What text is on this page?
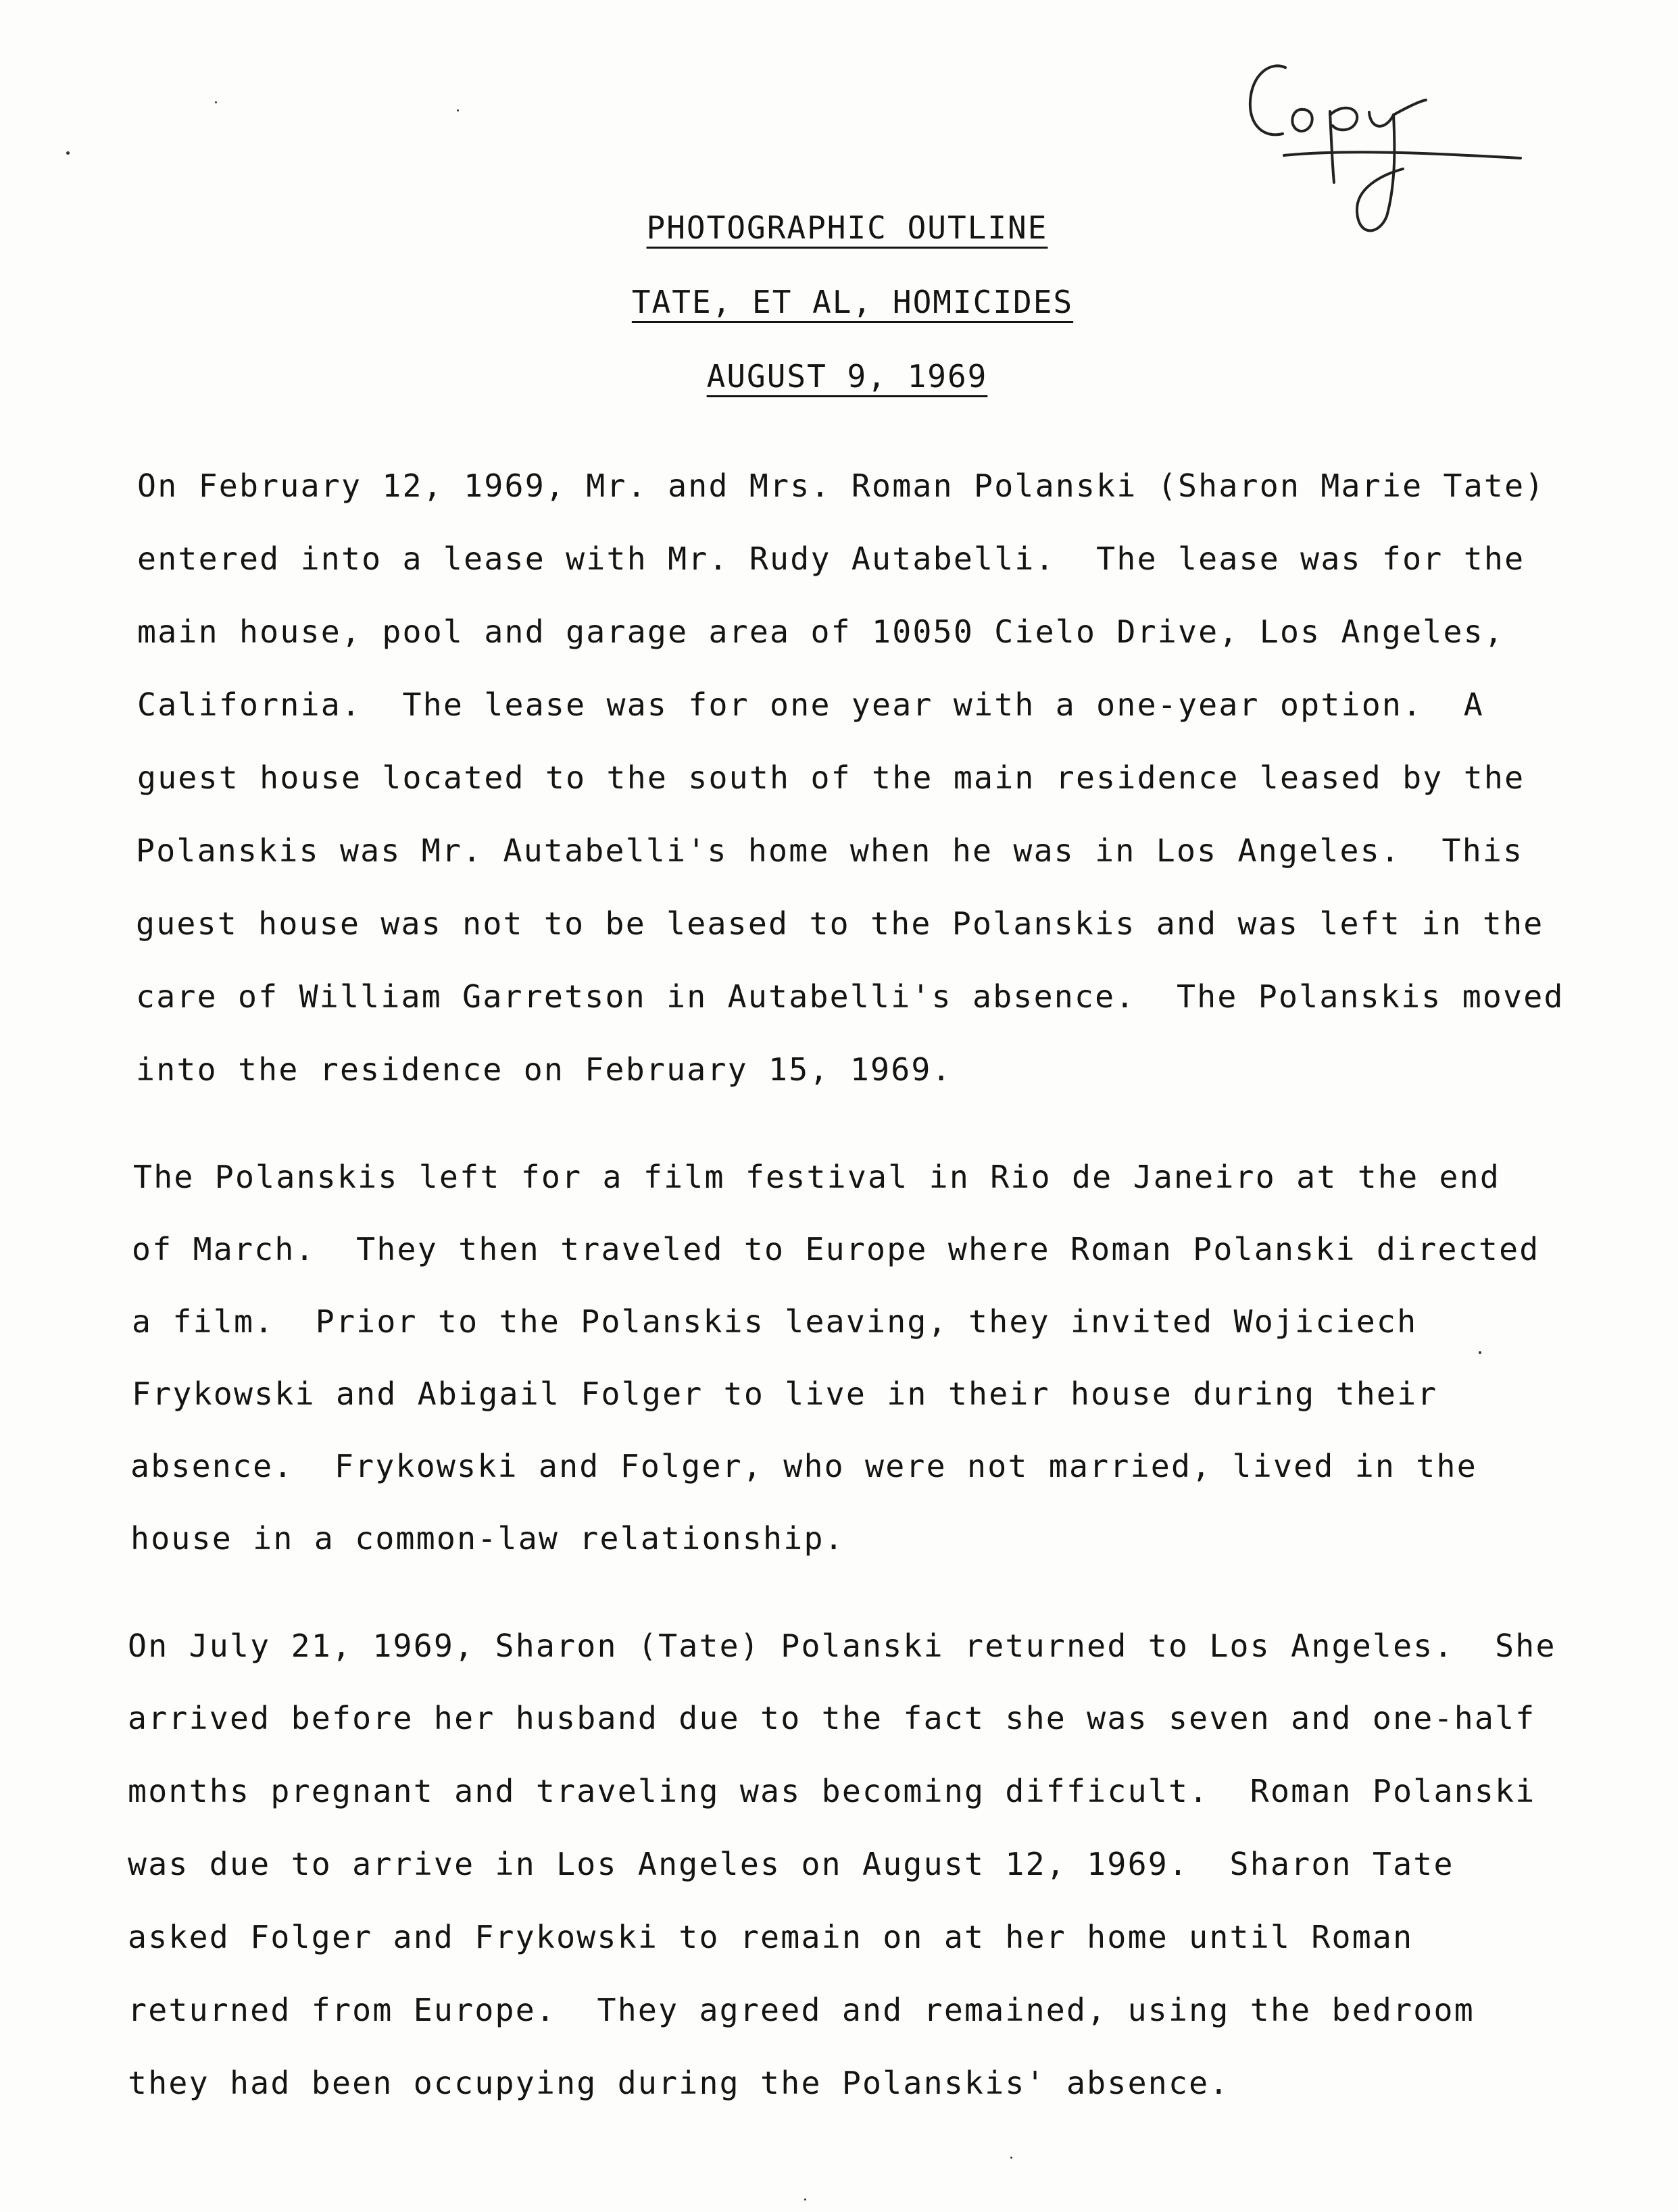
PHOTOGRAPHIC OUTLINE
TATE, ET AL, HOMICIDES
AUGUST 9, 1969
On February 12, 1969, Mr. and Mrs. Roman Polanski (Sharon Marie Tate)
entered into a lease with Mr. Rudy Autabelli.  The lease was for the
main house, pool and garage area of 10050 Cielo Drive, Los Angeles,
California.  The lease was for one year with a one-year option.  A
guest house located to the south of the main residence leased by the
Polanskis was Mr. Autabelli's home when he was in Los Angeles.  This
guest house was not to be leased to the Polanskis and was left in the
care of William Garretson in Autabelli's absence.  The Polanskis moved
into the residence on February 15, 1969.
The Polanskis left for a film festival in Rio de Janeiro at the end
of March.  They then traveled to Europe where Roman Polanski directed
a film.  Prior to the Polanskis leaving, they invited Wojiciech
Frykowski and Abigail Folger to live in their house during their
absence.  Frykowski and Folger, who were not married, lived in the
house in a common-law relationship.
On July 21, 1969, Sharon (Tate) Polanski returned to Los Angeles.  She
arrived before her husband due to the fact she was seven and one-half
months pregnant and traveling was becoming difficult.  Roman Polanski
was due to arrive in Los Angeles on August 12, 1969.  Sharon Tate
asked Folger and Frykowski to remain on at her home until Roman
returned from Europe.  They agreed and remained, using the bedroom
they had been occupying during the Polanskis' absence.
